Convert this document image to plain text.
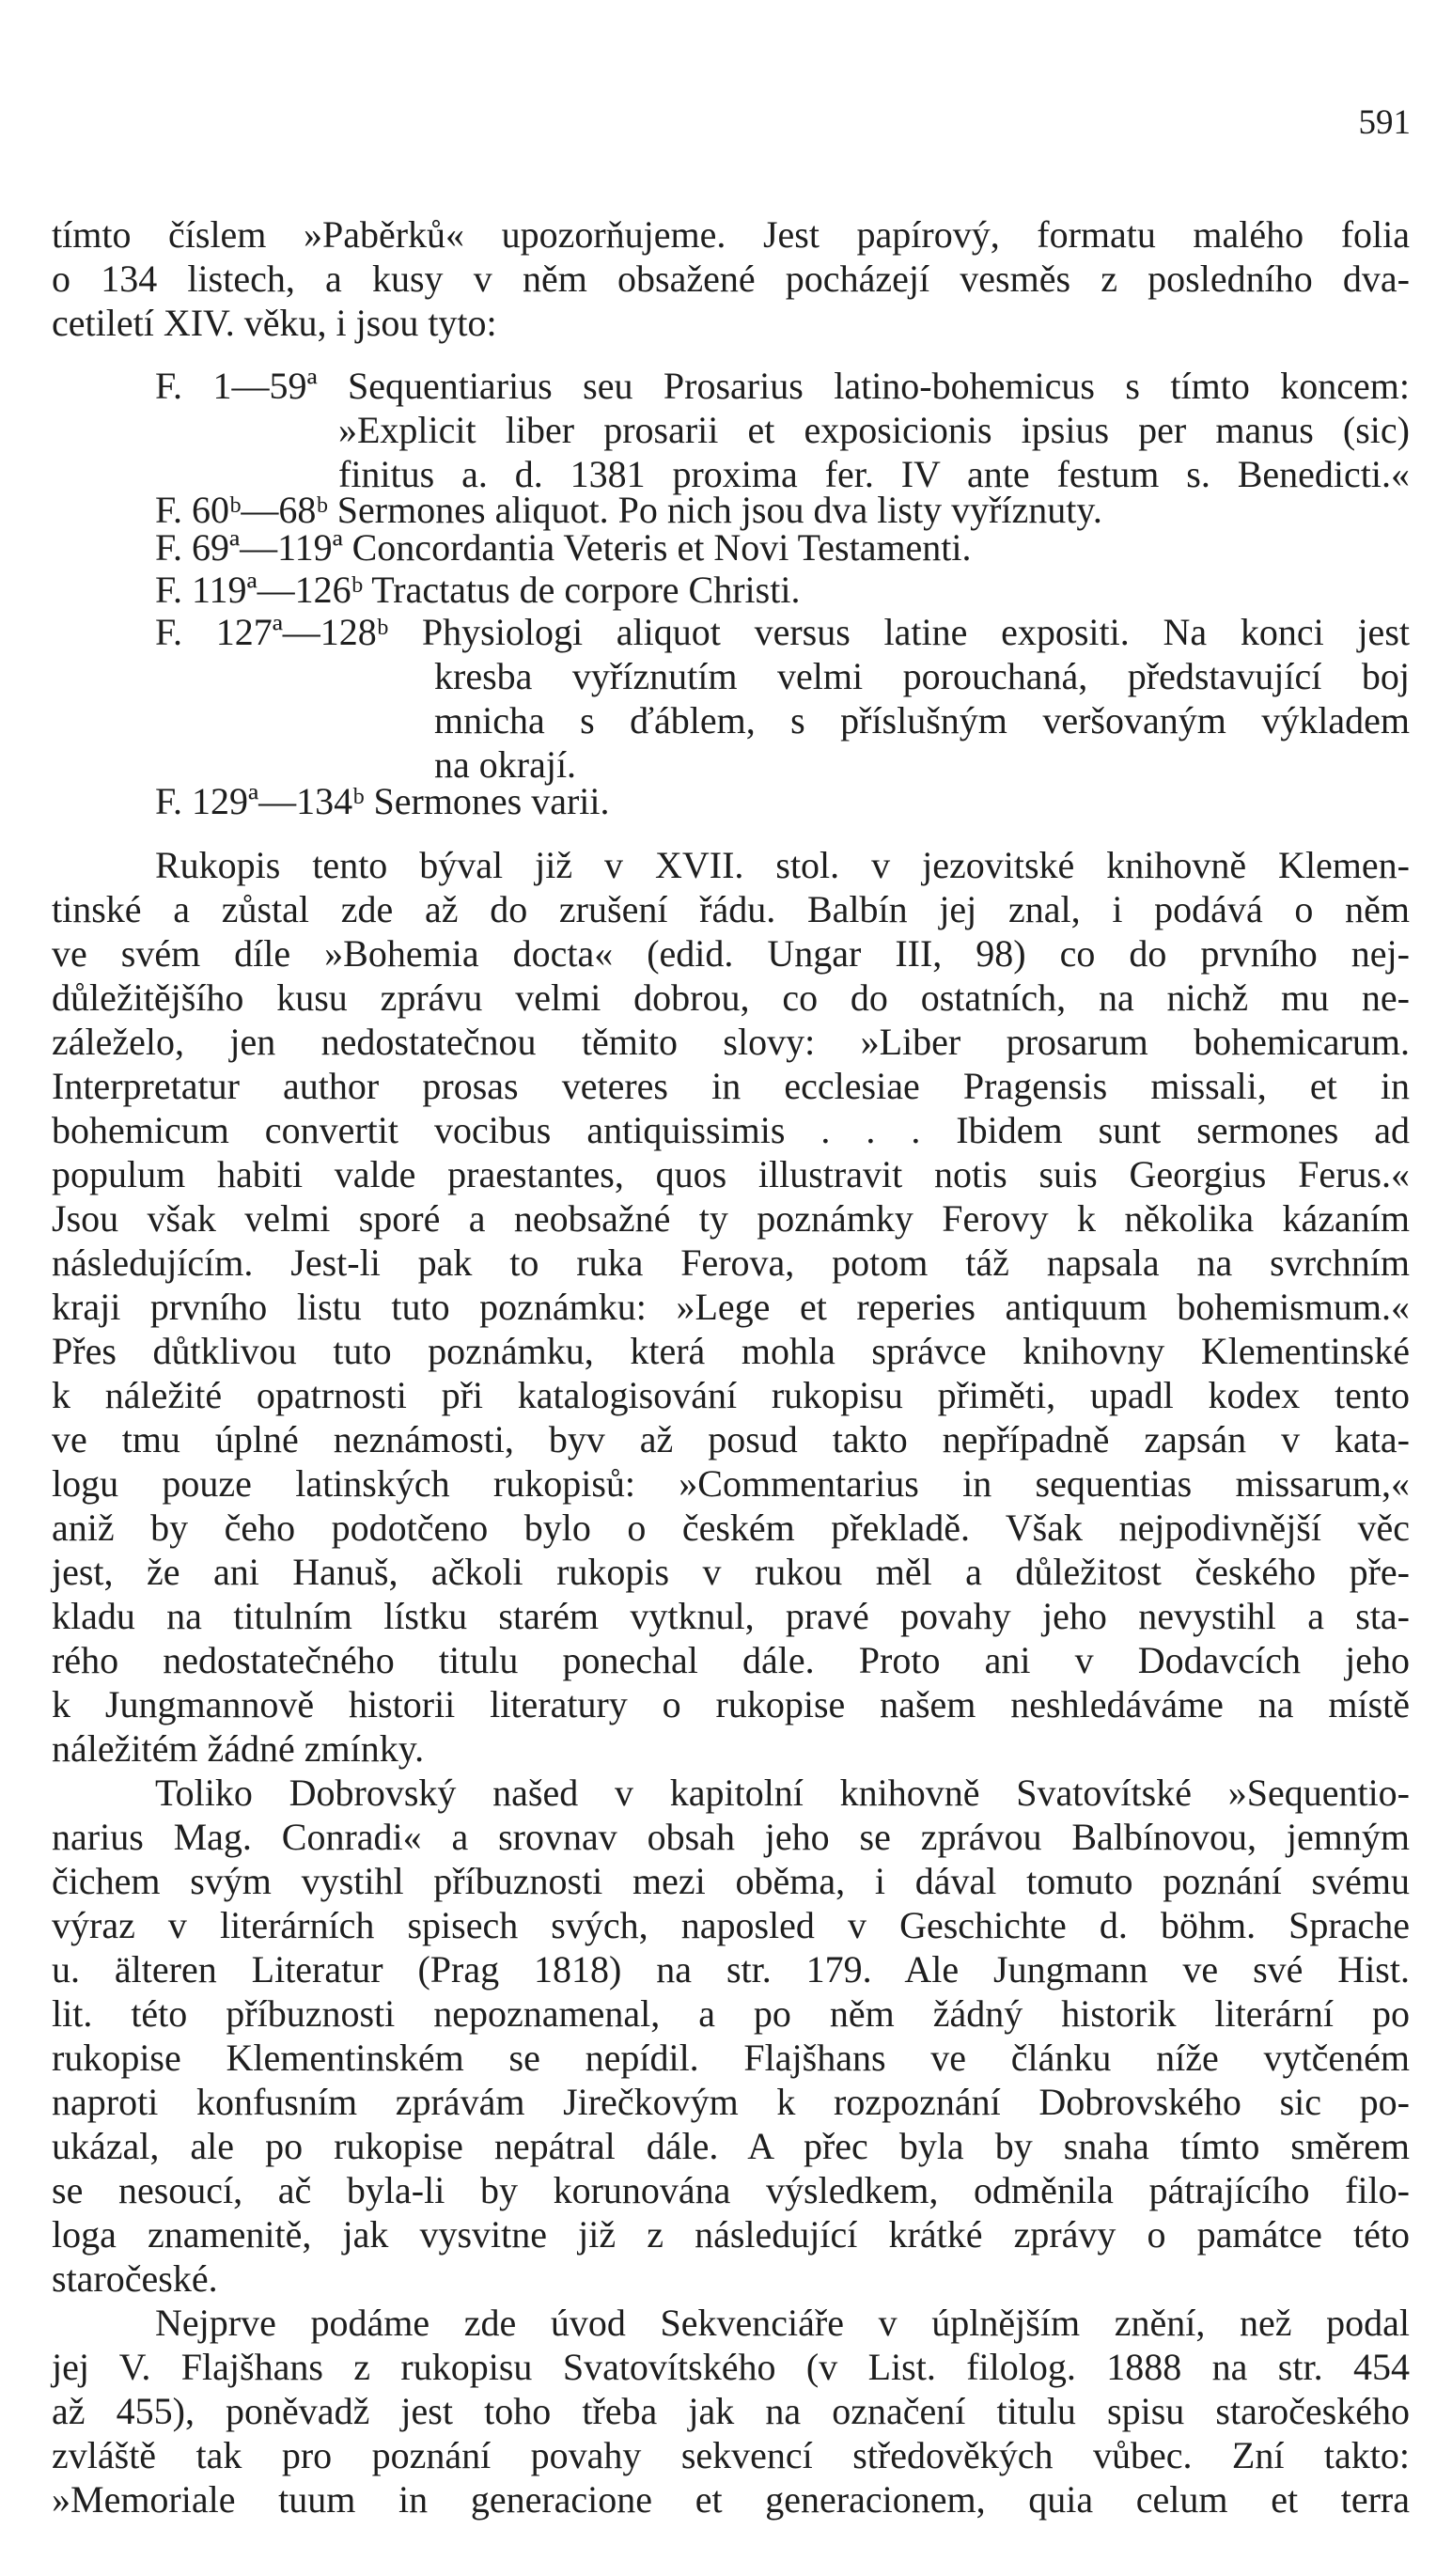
591
tímto číslem »Paběrků« upozorňujeme. Jest papírový, formatu malého folia
o 134 listech, a kusy v něm obsažené pocházejí vesměs z posledního dva-
cetiletí XIV. věku, i jsou tyto:
F. 1—59ª Sequentiarius seu Prosarius latino-bohemicus s tímto koncem:
»Explicit liber prosarii et exposicionis ipsius per manus (sic)
finitus a. d. 1381 proxima fer. IV ante festum s. Benedicti.«
F. 60ᵇ—68ᵇ Sermones aliquot. Po nich jsou dva listy vyříznuty.
F. 69ª—119ª Concordantia Veteris et Novi Testamenti.
F. 119ª—126ᵇ Tractatus de corpore Christi.
F. 127ª—128ᵇ Physiologi aliquot versus latine expositi. Na konci jest
kresba vyříznutím velmi porouchaná, představující boj
mnicha s ďáblem, s příslušným veršovaným výkladem
na okrají.
F. 129ª—134ᵇ Sermones varii.
Rukopis tento býval již v XVII. stol. v jezovitské knihovně Klemen-
tinské a zůstal zde až do zrušení řádu. Balbín jej znal, i podává o něm
ve svém díle »Bohemia docta« (edid. Ungar III, 98) co do prvního nej-
důležitějšího kusu zprávu velmi dobrou, co do ostatních, na nichž mu ne-
záleželo, jen nedostatečnou těmito slovy: »Liber prosarum bohemicarum.
Interpretatur author prosas veteres in ecclesiae Pragensis missali, et in
bohemicum convertit vocibus antiquissimis . . . Ibidem sunt sermones ad
populum habiti valde praestantes, quos illustravit notis suis Georgius Ferus.«
Jsou však velmi sporé a neobsažné ty poznámky Ferovy k několika kázaním
následujícím. Jest-li pak to ruka Ferova, potom táž napsala na svrchním
kraji prvního listu tuto poznámku: »Lege et reperies antiquum bohemismum.«
Přes důtklivou tuto poznámku, která mohla správce knihovny Klementinské
k náležité opatrnosti při katalogisování rukopisu přiměti, upadl kodex tento
ve tmu úplné neznámosti, byv až posud takto nepřípadně zapsán v kata-
logu pouze latinských rukopisů: »Commentarius in sequentias missarum,«
aniž by čeho podotčeno bylo o českém překladě. Však nejpodivnější věc
jest, že ani Hanuš, ačkoli rukopis v rukou měl a důležitost českého pře-
kladu na titulním lístku starém vytknul, pravé povahy jeho nevystihl a sta-
rého nedostatečného titulu ponechal dále. Proto ani v Dodavcích jeho
k Jungmannově historii literatury o rukopise našem neshledáváme na místě
náležitém žádné zmínky.
Toliko Dobrovský našed v kapitolní knihovně Svatovítské »Sequentio-
narius Mag. Conradi« a srovnav obsah jeho se zprávou Balbínovou, jemným
čichem svým vystihl příbuznosti mezi oběma, i dával tomuto poznání svému
výraz v literárních spisech svých, naposled v Geschichte d. böhm. Sprache
u. älteren Literatur (Prag 1818) na str. 179. Ale Jungmann ve své Hist.
lit. této příbuznosti nepoznamenal, a po něm žádný historik literární po
rukopise Klementinském se nepídil. Flajšhans ve článku níže vytčeném
naproti konfusním zprávám Jirečkovým k rozpoznání Dobrovského sic po-
ukázal, ale po rukopise nepátral dále. A přec byla by snaha tímto směrem
se nesoucí, ač byla-li by korunována výsledkem, odměnila pátrajícího filo-
loga znamenitě, jak vysvitne již z následující krátké zprávy o památce této
staročeské.
Nejprve podáme zde úvod Sekvenciáře v úplnějším znění, než podal
jej V. Flajšhans z rukopisu Svatovítského (v List. filolog. 1888 na str. 454
až 455), poněvadž jest toho třeba jak na označení titulu spisu staročeského
zvláště tak pro poznání povahy sekvencí středověkých vůbec. Zní takto:
»Memoriale tuum in generacione et generacionem, quia celum et terra
